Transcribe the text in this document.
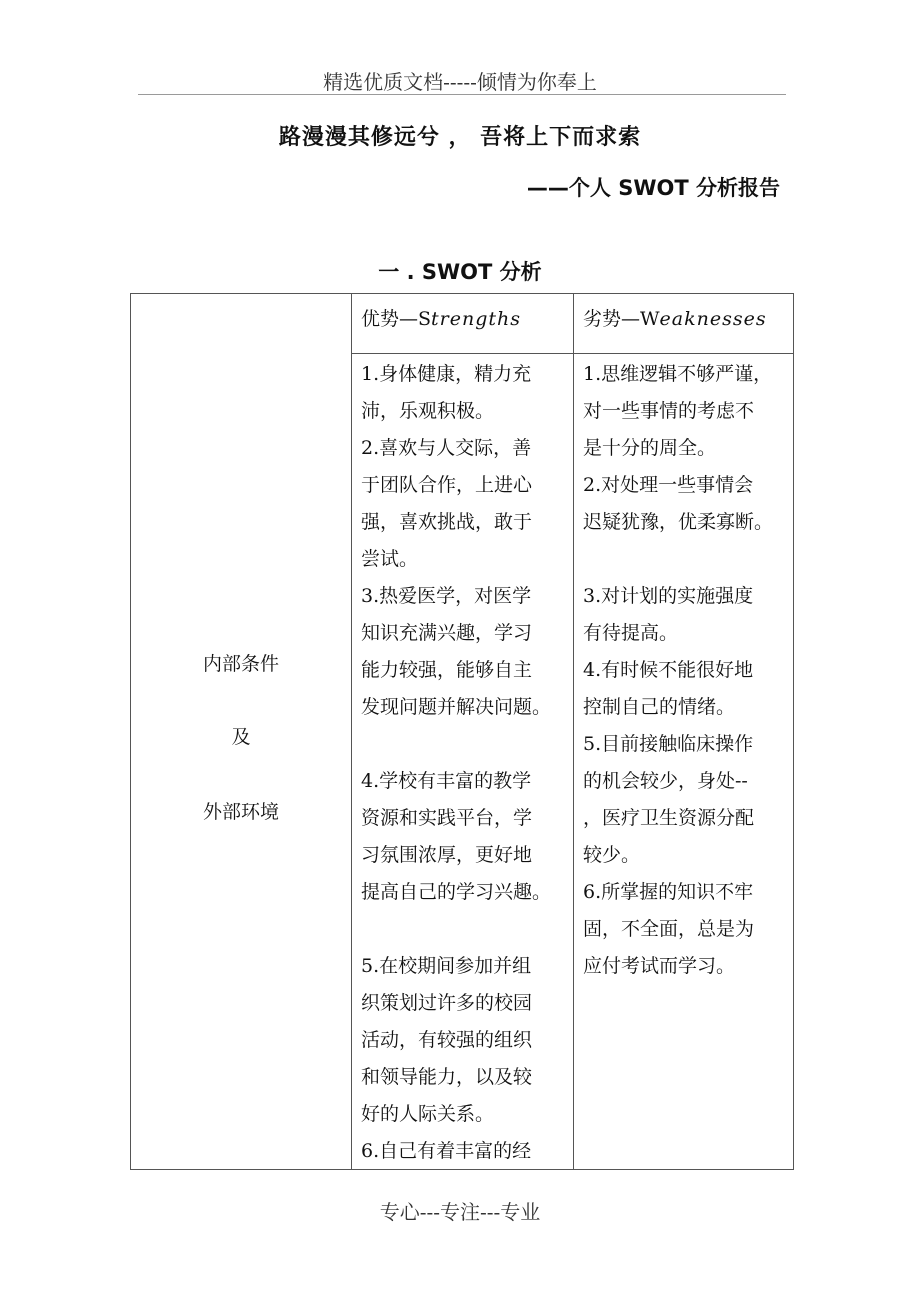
精选优质文档-----倾情为你奉上
路漫漫其修远兮 ， 吾将上下而求索
——个人 SWOT 分析报告
一 . SWOT 分析
内部条件
及
外部环境
优势—Strengths	劣势—Weaknesses
1.身体健康，精力充
沛，乐观积极。
2.喜欢与人交际，善
于团队合作，上进心
强，喜欢挑战，敢于
尝试。
3.热爱医学，对医学
知识充满兴趣，学习
能力较强，能够自主
发现问题并解决问题。
4.学校有丰富的教学
资源和实践平台，学
习氛围浓厚，更好地
提高自己的学习兴趣。
5.在校期间参加并组
织策划过许多的校园
活动，有较强的组织
和领导能力，以及较
好的人际关系。
6.自己有着丰富的经
1.思维逻辑不够严谨，
对一些事情的考虑不
是十分的周全。
2.对处理一些事情会
迟疑犹豫，优柔寡断。
3.对计划的实施强度
有待提高。
4.有时候不能很好地
控制自己的情绪。
5.目前接触临床操作
的机会较少，身处--
，医疗卫生资源分配
较少。
6.所掌握的知识不牢
固，不全面，总是为
应付考试而学习。
专心---专注---专业
